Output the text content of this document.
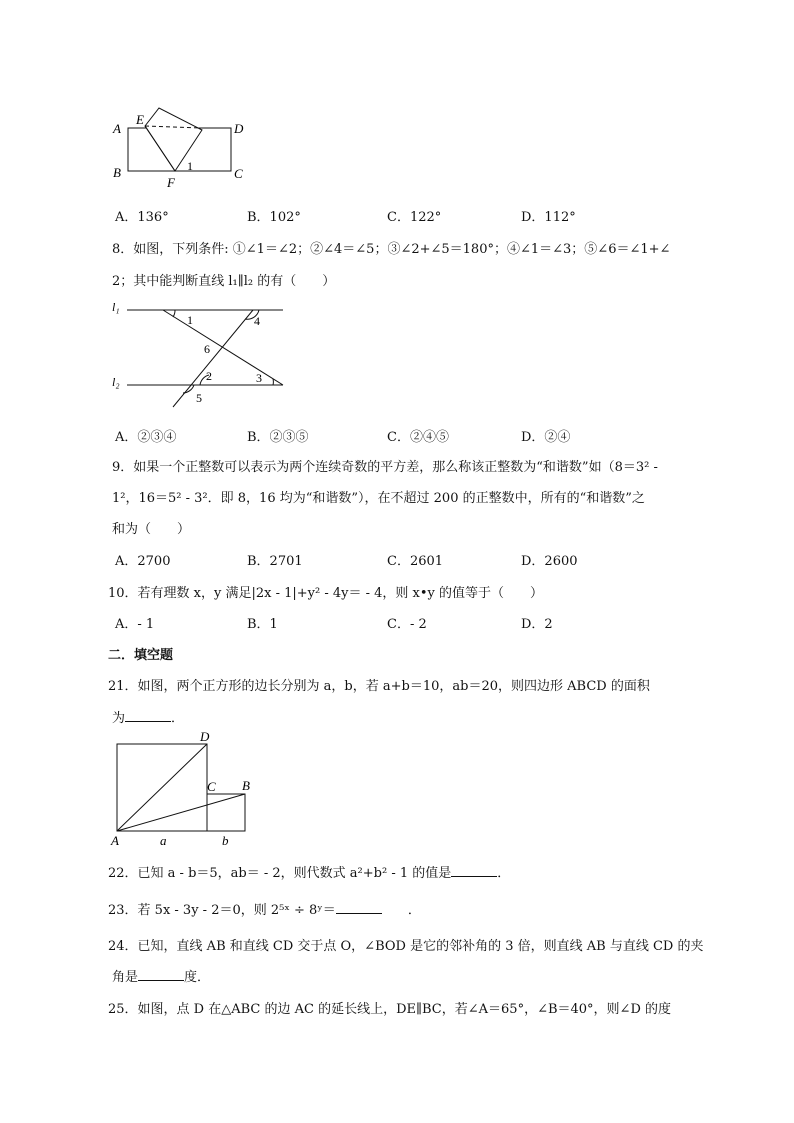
A
E
D
B
F
C
1
A．136°	B．102°	C．122°	D．112°
8．如图，下列条件: ①∠1＝∠2；②∠4＝∠5；③∠2+∠5＝180°；④∠1＝∠3；⑤∠6＝∠1+∠
2；其中能判断直线 l₁∥l₂ 的有（　　）
l₁
l₂
1	4
6
2	3
5
A．②③④	B．②③⑤	C．②④⑤	D．②④
9．如果一个正整数可以表示为两个连续奇数的平方差，那么称该正整数为“和谐数”如（8＝3² -
1²，16＝5² - 3²．即 8，16 均为“和谐数”），在不超过 200 的正整数中，所有的“和谐数”之
和为（　　）
A．2700	B．2701	C．2601	D．2600
10．若有理数 x，y 满足|2x - 1|+y² - 4y＝ - 4，则 x•y 的值等于（　　）
A．- 1	B．1	C．- 2	D．2
二．填空题
21．如图，两个正方形的边长分别为 a，b，若 a+b＝10，ab＝20，则四边形 ABCD 的面积
为	．
D
C B
A	a	b
22．已知 a - b＝5，ab＝ - 2，则代数式 a²+b² - 1 的值是	．
23．若 5x - 3y - 2＝0，则 2⁵ˣ ÷ 8ʸ＝	．
24．已知，直线 AB 和直线 CD 交于点 O，∠BOD 是它的邻补角的 3 倍，则直线 AB 与直线 CD 的夹
角是	度．
25．如图，点 D 在△ABC 的边 AC 的延长线上，DE∥BC，若∠A＝65°，∠B＝40°，则∠D 的度
